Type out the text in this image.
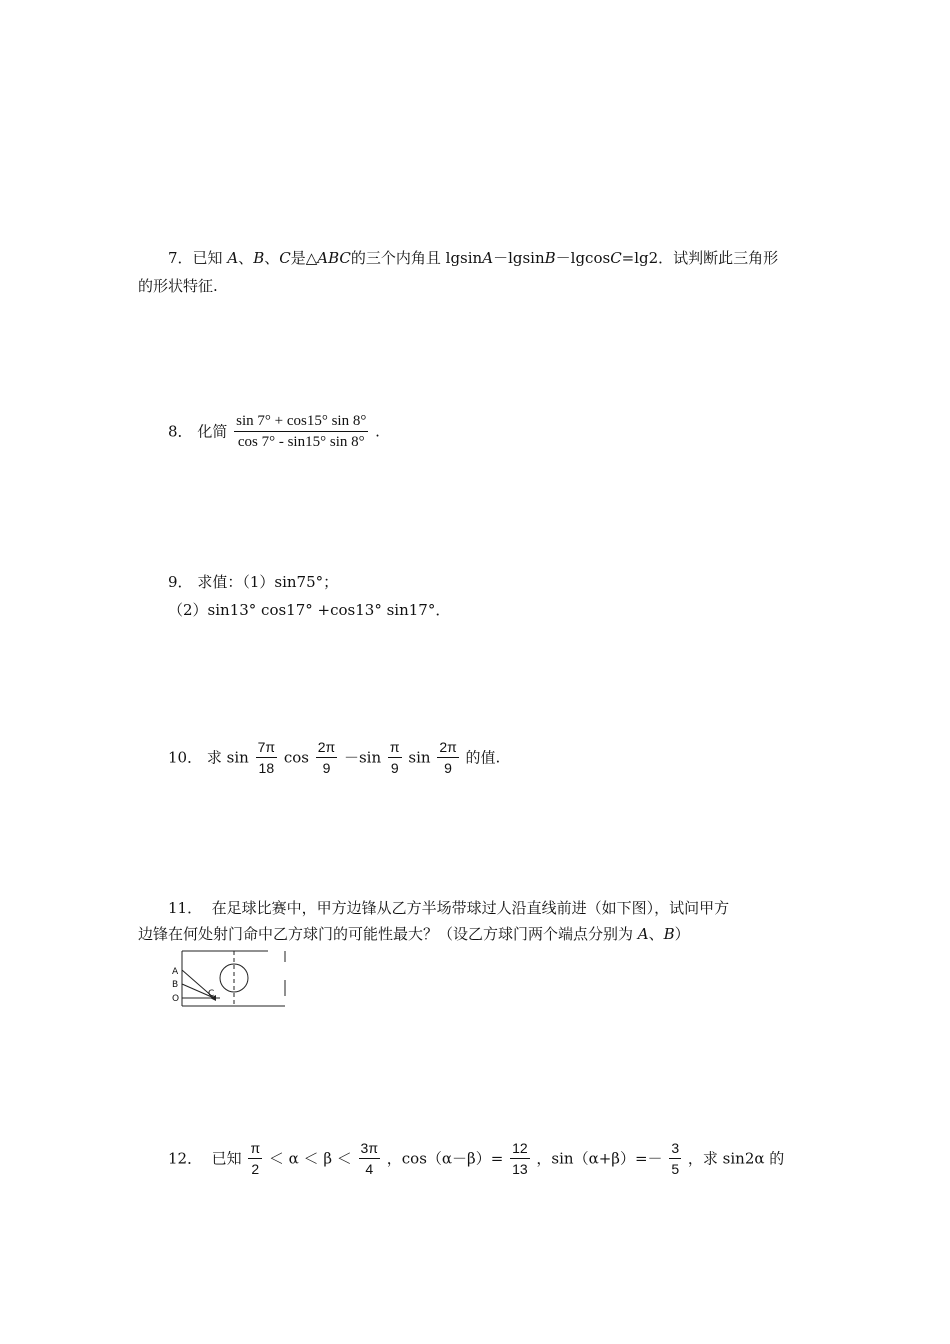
7．已知 A、B、C是△ABC的三个内角且 lgsinA－lgsinB－lgcosC=lg2．试判断此三角形
的形状特征.
8． 化简 $\frac{\sin 7^\circ + \cos 15^\circ \sin 8^\circ}{\cos 7^\circ - \sin 15^\circ \sin 8^\circ}$ .
9． 求值：（1）sin75°；
（2）sin13° cos17° +cos13° sin17°．
10． 求 $\sin \frac{7\pi}{18}$ $\cos \frac{2\pi}{9} -\sin \frac{\pi}{9}$ $\sin \frac{2\pi}{9}$ 的值.
11． 在足球比赛中，甲方边锋从乙方半场带球过人沿直线前进（如下图），试问甲方
边锋在何处射门命中乙方球门的可能性最大？（设乙方球门两个端点分别为 A、B）
A
B
O	C
12． 已知 $\frac{\pi}{2} < \alpha < \beta < \frac{3\pi}{4}$ ，$\cos(\alpha-\beta)= \frac{12}{13}$ ，$\sin(\alpha+\beta)=- \frac{3}{5}$ ，求 sin2α 的
